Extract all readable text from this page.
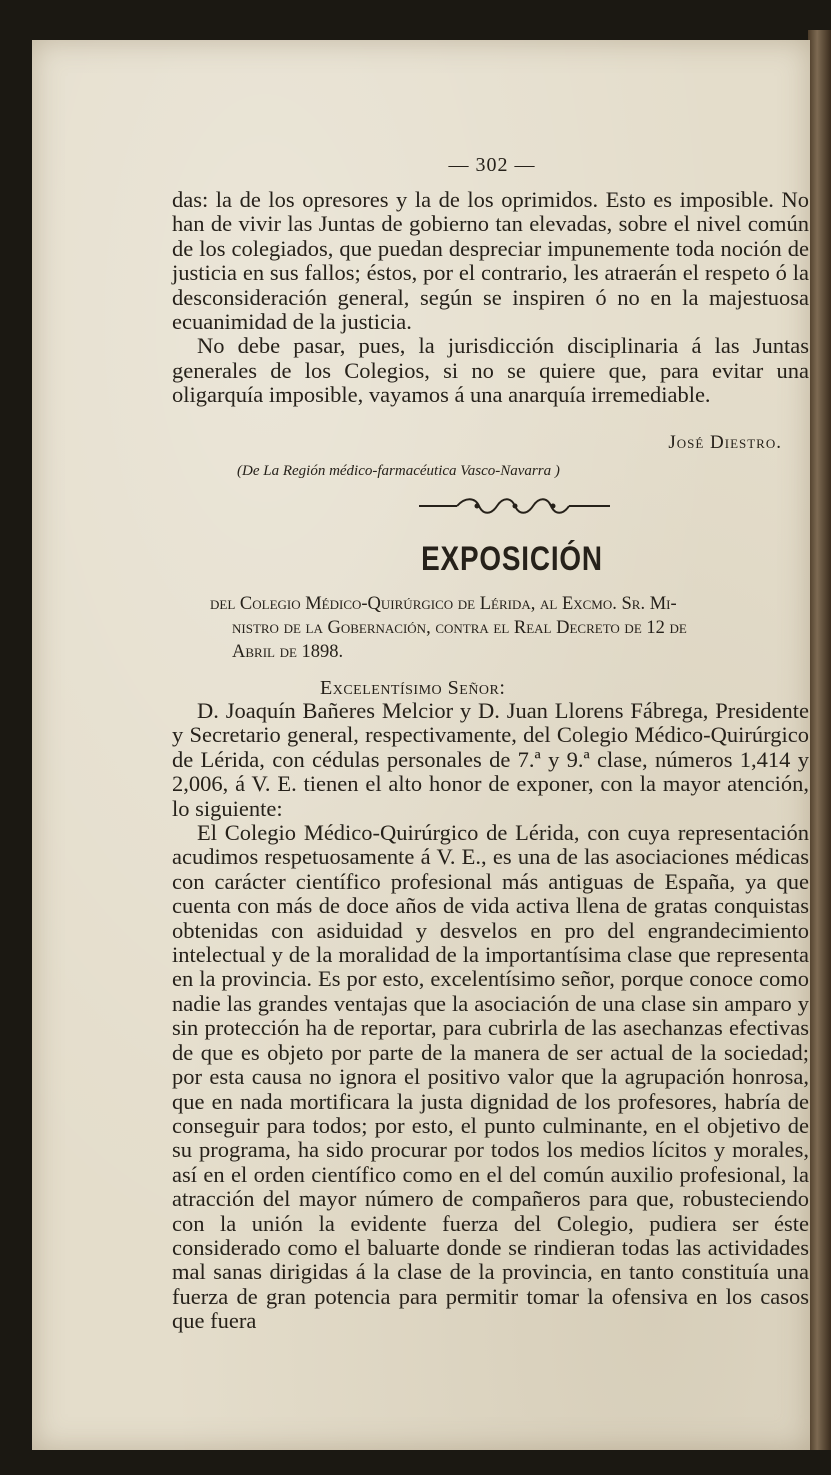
— 302 —

das: la de los opresores y la de los oprimidos. Esto es imposible. No han de vivir las Juntas de gobierno tan elevadas, sobre el nivel común de los colegiados, que puedan despreciar impunemente toda noción de justicia en sus fallos; éstos, por el contrario, les atraerán el respeto ó la desconsideración general, según se inspiren ó no en la majestuosa ecuanimidad de la justicia.

No debe pasar, pues, la jurisdicción disciplinaria á las Juntas generales de los Colegios, si no se quiere que, para evitar una oligarquía imposible, vayamos á una anarquía irremediable.

José Diestro.
(De La Región médico-farmacéutica Vasco-Navarra )
EXPOSICIÓN
del Colegio Médico-Quirúrgico de Lérida, al Excmo. Sr. Mi-
nistro de la Gobernación, contra el Real Decreto de 12 de
Abril de 1898.
Excelentísimo Señor:

D. Joaquín Bañeres Melcior y D. Juan Llorens Fábrega, Presidente y Secretario general, respectivamente, del Colegio Médico-Quirúrgico de Lérida, con cédulas personales de 7.ª y 9.ª clase, números 1,414 y 2,006, á V. E. tienen el alto honor de exponer, con la mayor atención, lo siguiente:

El Colegio Médico-Quirúrgico de Lérida, con cuya representación acudimos respetuosamente á V. E., es una de las asociaciones médicas con carácter científico profesional más antiguas de España, ya que cuenta con más de doce años de vida activa llena de gratas conquistas obtenidas con asiduidad y desvelos en pro del engrandecimiento intelectual y de la moralidad de la importantísima clase que representa en la provincia. Es por esto, excelentísimo señor, porque conoce como nadie las grandes ventajas que la asociación de una clase sin amparo y sin protección ha de reportar, para cubrirla de las asechanzas efectivas de que es objeto por parte de la manera de ser actual de la sociedad; por esta causa no ignora el positivo valor que la agrupación honrosa, que en nada mortificara la justa dignidad de los profesores, habría de conseguir para todos; por esto, el punto culminante, en el objetivo de su programa, ha sido procurar por todos los medios lícitos y morales, así en el orden científico como en el del común auxilio profesional, la atracción del mayor número de compañeros para que, robusteciendo con la unión la evidente fuerza del Colegio, pudiera ser éste considerado como el baluarte donde se rindieran todas las actividades mal sanas dirigidas á la clase de la provincia, en tanto constituía una fuerza de gran potencia para permitir tomar la ofensiva en los casos que fuera
